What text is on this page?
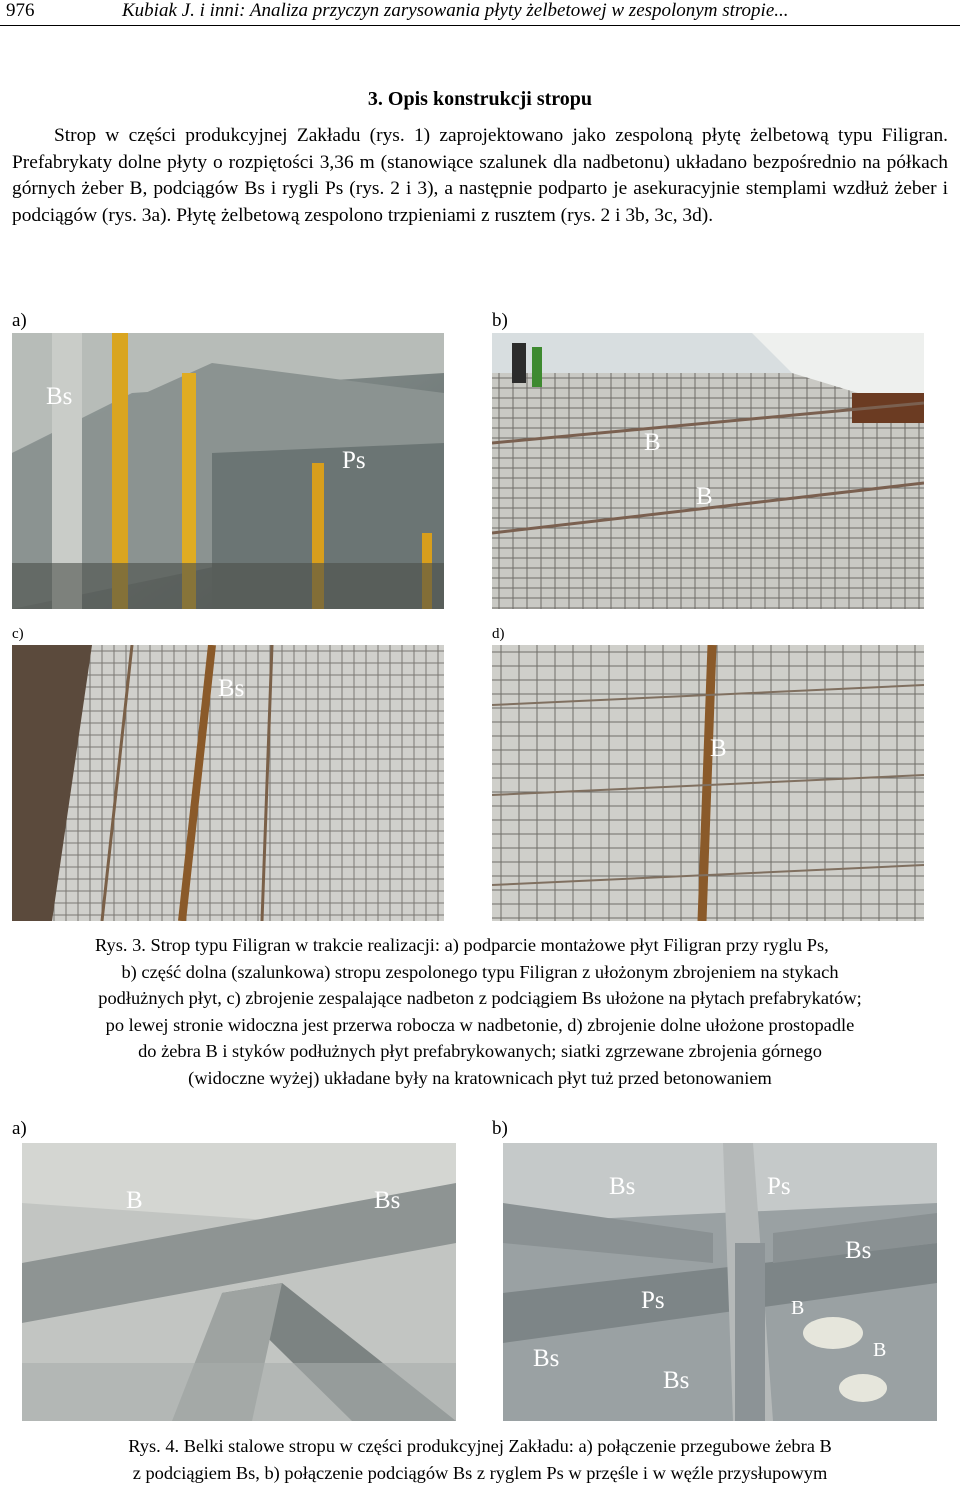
976	Kubiak J. i inni: Analiza przyczyn zarysowania płyty żelbetowej w zespolonym stropie...
3. Opis konstrukcji stropu
Strop w części produkcyjnej Zakładu (rys. 1) zaprojektowano jako zespoloną płytę żelbetową typu Filigran. Prefabrykaty dolne płyty o rozpiętości 3,36 m (stanowiące szalunek dla nadbetonu) układano bezpośrednio na półkach górnych żeber B, podciągów Bs i rygli Ps (rys. 2 i 3), a następnie podparto je asekuracyjnie stemplami wzdłuż żeber i podciągów (rys. 3a). Płytę żelbetową zespolono trzpieniami z rusztem (rys. 2 i 3b, 3c, 3d).
a)	b)
c)	d)
Bs
Ps
B
B
Bs
B
Rys. 3. Strop typu Filigran w trakcie realizacji: a) podparcie montażowe płyt Filigran przy ryglu Ps,
b) część dolna (szalunkowa) stropu zespolonego typu Filigran z ułożonym zbrojeniem na stykach
podłużnych płyt, c) zbrojenie zespalające nadbeton z podciągiem Bs ułożone na płytach prefabrykatów;
po lewej stronie widoczna jest przerwa robocza w nadbetonie, d) zbrojenie dolne ułożone prostopadle
do żebra B i styków podłużnych płyt prefabrykowanych; siatki zgrzewane zbrojenia górnego
(widoczne wyżej) układane były na kratownicach płyt tuż przed betonowaniem
a)	b)
B	Bs
Bs	Ps
Bs
Ps	B
Bs	B
Bs
Rys. 4. Belki stalowe stropu w części produkcyjnej Zakładu: a) połączenie przegubowe żebra B
z podciągiem Bs, b) połączenie podciągów Bs z ryglem Ps w przęśle i w węźle przysłupowym
